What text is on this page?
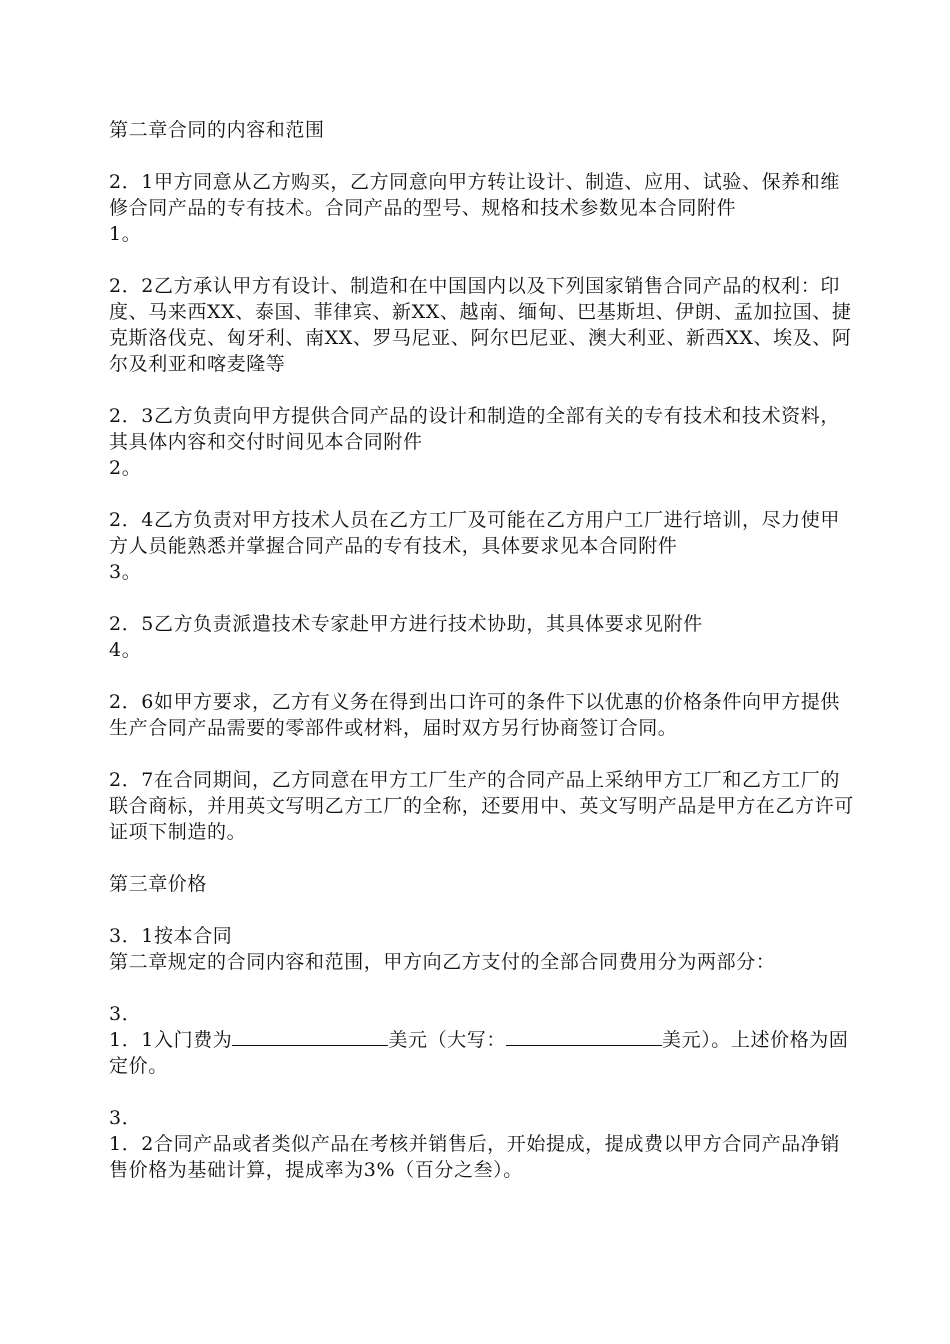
第二章合同的内容和范围
2．1甲方同意从乙方购买，乙方同意向甲方转让设计、制造、应用、试验、保养和维修合同产品的专有技术。合同产品的型号、规格和技术参数见本合同附件
1。
2．2乙方承认甲方有设计、制造和在中国国内以及下列国家销售合同产品的权利：印度、马来西XX、泰国、菲律宾、新XX、越南、缅甸、巴基斯坦、伊朗、孟加拉国、捷克斯洛伐克、匈牙利、南XX、罗马尼亚、阿尔巴尼亚、澳大利亚、新西XX、埃及、阿尔及利亚和喀麦隆等
2．3乙方负责向甲方提供合同产品的设计和制造的全部有关的专有技术和技术资料，其具体内容和交付时间见本合同附件
2。
2．4乙方负责对甲方技术人员在乙方工厂及可能在乙方用户工厂进行培训，尽力使甲方人员能熟悉并掌握合同产品的专有技术，具体要求见本合同附件
3。
2．5乙方负责派遣技术专家赴甲方进行技术协助，其具体要求见附件
4。
2．6如甲方要求，乙方有义务在得到出口许可的条件下以优惠的价格条件向甲方提供生产合同产品需要的零部件或材料，届时双方另行协商签订合同。
2．7在合同期间，乙方同意在甲方工厂生产的合同产品上采纳甲方工厂和乙方工厂的联合商标，并用英文写明乙方工厂的全称，还要用中、英文写明产品是甲方在乙方许可证项下制造的。
第三章价格
3．1按本合同
第二章规定的合同内容和范围，甲方向乙方支付的全部合同费用分为两部分：
3．
1．1入门费为	美元（大写：	美元）。上述价格为固定价。
3．
1．2合同产品或者类似产品在考核并销售后，开始提成，提成费以甲方合同产品净销售价格为基础计算，提成率为3%（百分之叁）。
